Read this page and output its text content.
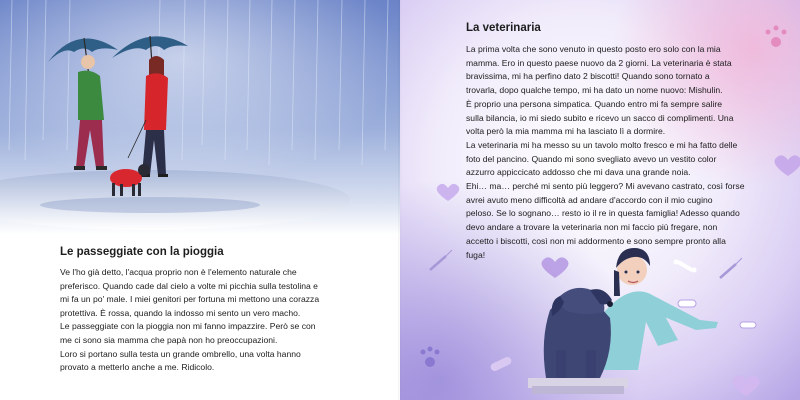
Le passeggiate con la pioggia

Ve l'ho già detto, l'acqua proprio non è l'elemento naturale che
preferisco. Quando cade dal cielo a volte mi picchia sulla testolina e
mi fa un po' male. I miei genitori per fortuna mi mettono una corazza
protettiva. È rossa, quando la indosso mi sento un vero macho.
Le passeggiate con la pioggia non mi fanno impazzire. Però se con
me ci sono sia mamma che papà non ho preoccupazioni.
Loro si portano sulla testa un grande ombrello, una volta hanno
provato a metterlo anche a me. Ridicolo.

La veterinaria

La prima volta che sono venuto in questo posto ero solo con la mia
mamma. Ero in questo paese nuovo da 2 giorni. La veterinaria è stata
bravissima, mi ha perfino dato 2 biscotti! Quando sono tornato a
trovarla, dopo qualche tempo, mi ha dato un nome nuovo: Mishulin.
È proprio una persona simpatica. Quando entro mi fa sempre salire
sulla bilancia, io mi siedo subito e ricevo un sacco di complimenti. Una
volta però la mia mamma mi ha lasciato lì a dormire.
La veterinaria mi ha messo su un tavolo molto fresco e mi ha fatto delle
foto del pancino. Quando mi sono svegliato avevo un vestito color
azzurro appiccicato addosso che mi dava una grande noia.
Ehi… ma… perché mi sento più leggero? Mi avevano castrato, così forse
avrei avuto meno difficoltà ad andare d'accordo con il mio cugino
peloso. Se lo sognano… resto io il re in questa famiglia! Adesso quando
devo andare a trovare la veterinaria non mi faccio più fregare, non
accetto i biscotti, così non mi addormento e sono sempre pronto alla
fuga!
